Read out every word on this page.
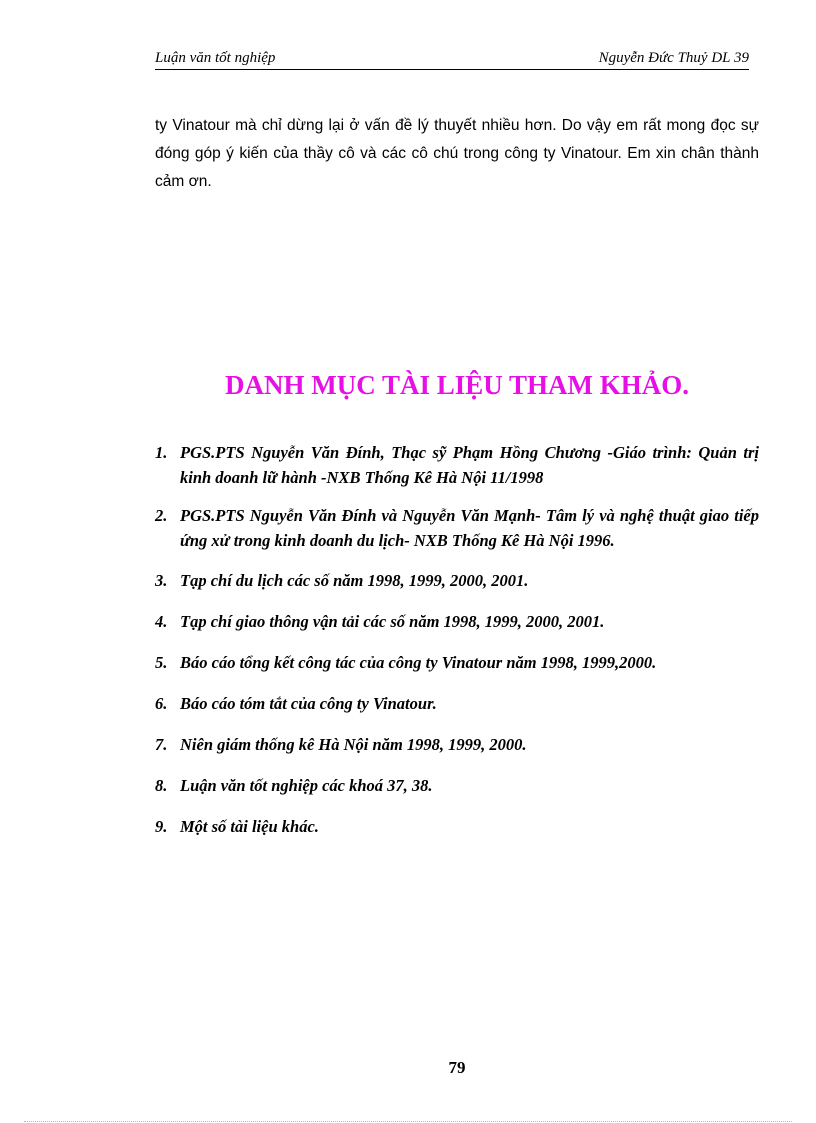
Luận văn tốt nghiệp	Nguyễn Đức Thuỷ DL 39

ty Vinatour mà chỉ dừng lại ở vấn đề lý thuyết nhiều hơn. Do vậy em rất mong đọc sự đóng góp ý kiến của thầy cô và các cô chú trong công ty Vinatour. Em xin chân thành cảm ơn.

DANH MỤC TÀI LIỆU THAM KHẢO.
1. PGS.PTS Nguyễn Văn Đính, Thạc sỹ Phạm Hồng Chương -Giáo trình: Quản trị kinh doanh lữ hành -NXB Thống Kê Hà Nội 11/1998
2. PGS.PTS Nguyễn Văn Đính và Nguyễn Văn Mạnh- Tâm lý và nghệ thuật giao tiếp ứng xử trong kinh doanh du lịch- NXB Thống Kê Hà Nội 1996.
3. Tạp chí du lịch các số năm 1998, 1999, 2000, 2001.
4. Tạp chí giao thông vận tải các số năm 1998, 1999, 2000, 2001.
5. Báo cáo tổng kết công tác của công ty Vinatour năm 1998, 1999,2000.
6. Báo cáo tóm tắt của công ty Vinatour.
7. Niên giám thống kê Hà Nội năm 1998, 1999, 2000.
8. Luận văn tốt nghiệp các khoá 37, 38.
9. Một số tài liệu khác.
79
